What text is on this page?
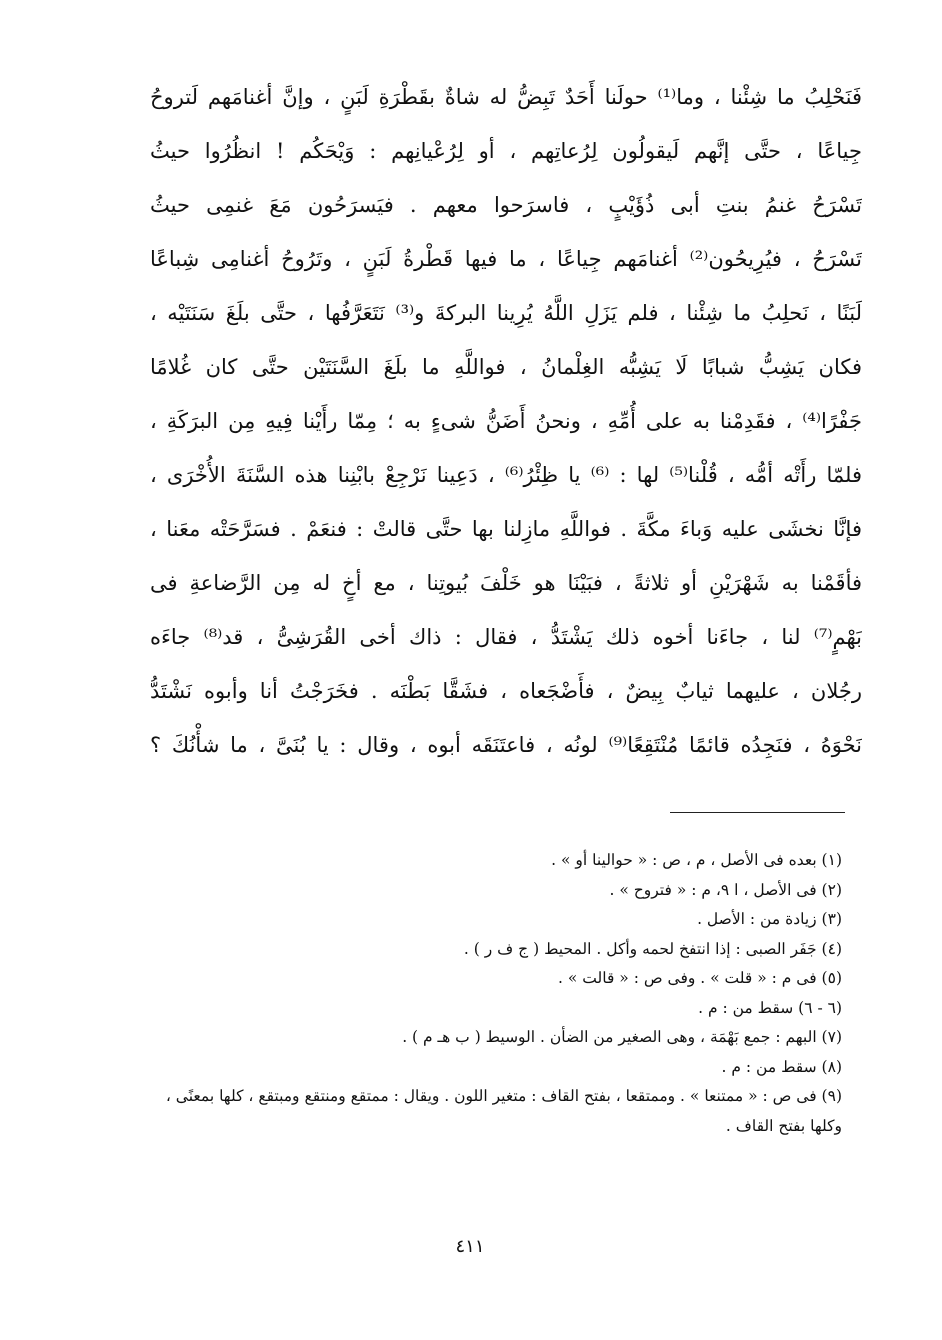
فَنَحْلِبُ ما شِئْنا ، وما⁽¹⁾ حولَنا أَحَدٌ تَبِضُّ له شاةٌ بقَطْرَةِ لَبَنٍ ، وإنَّ أغنامَهم لَتروحُ
جِياعًا ، حتَّى إنَّهم لَيقولُون لِرُعاتِهم ، أو لِرُعْيانِهم : وَيْحَكُم ! انظُرُوا حيثُ
تَسْرَحُ غنمُ بنتِ أبى ذُؤَيْبٍ ، فاسرَحوا معهم . فيَسرَحُون مَعَ غنمِى حيثُ
تَسْرَحُ ، فيُرِيحُون⁽²⁾ أغنامَهم جِياعًا ، ما فيها قَطْرةُ لَبَنٍ ، وتَرُوحُ أغنامِى شِباعًا
لَبَنًا ، نَحلِبُ ما شِئْنا ، فلم يَزَلِ اللَّهُ يُرِينا البركةَ و⁽³⁾ نَتَعَرَّفُها ، حتَّى بلَغَ سَنَتَيْه ،
فكان يَشِبُّ شبابًا لَا يَشِبُّه الغِلْمانُ ، فواللَّهِ ما بلَغَ السَّنَتَيْن حتَّى كان غُلامًا
جَفْرًا⁽⁴⁾ ، فقَدِمْنا به على أُمِّهِ ، ونحنُ أَضَنُّ شىءٍ به ؛ مِمّا رأَيْنا فِيهِ مِن البرَكَةِ ،
فلمّا رأَتْه أمُّه ، قُلْنا⁽⁵⁾ لها : ⁽⁶⁾ يا ظِئْرُ⁽⁶⁾ ، دَعِينا نَرْجِعْ بابْنِنا هذه السَّنَةَ الأُخْرَى ،
فإنَّا نخشَى عليه وَباءَ مكَّةَ . فواللَّهِ مازِلنا بها حتَّى قالتْ : فنعَمْ . فسَرَّحَتْه معَنا ،
فأقَمْنا به شَهْرَيْنِ أو ثلاثةً ، فبَيْنَا هو خَلْفَ بُيوتِنا ، مع أخٍ له مِن الرَّضاعةِ فى
بَهْمٍ⁽⁷⁾ لنا ، جاءَنا أخوه ذلك يَشْتَدُّ ، فقال : ذاك أخى القُرَشِىُّ ، قد⁽⁸⁾ جاءَه
رجُلان ، عليهما ثيابٌ بِيضٌ ، فأَضْجَعاه ، فشَقَّا بَطْنَه . فخَرَجْتُ أنا وأبوه نَشْتَدُّ
نَحْوَهُ ، فنَجِدُه قائمًا مُنْتَقِعًا⁽⁹⁾ لونُه ، فاعتَنَقَه أبوه ، وقال : يا بُنَىَّ ، ما شأْنُكَ ؟
(١) بعده فى الأصل ، م ، ص : « حوالينا أو » .
(٢) فى الأصل ، ا ٩، م : « فتروح » .
(٣) زيادة من : الأصل .
(٤) جَفَر الصبى : إذا انتفخ لحمه وأكل . المحيط ( ج ف ر ) .
(٥) فى م : « قلت » . وفى ص : « قالت » .
(٦ - ٦) سقط من : م .
(٧) البهم : جمع بَهْمَة ، وهى الصغير من الضأن . الوسيط ( ب هـ م ) .
(٨) سقط من : م .
(٩) فى ص : « ممتنعا » . وممتقعا ، بفتح القاف : متغير اللون . ويقال : ممتقع ومنتقع ومبتقع ، كلها بمعنًى ،
وكلها بفتح القاف .
٤١١
